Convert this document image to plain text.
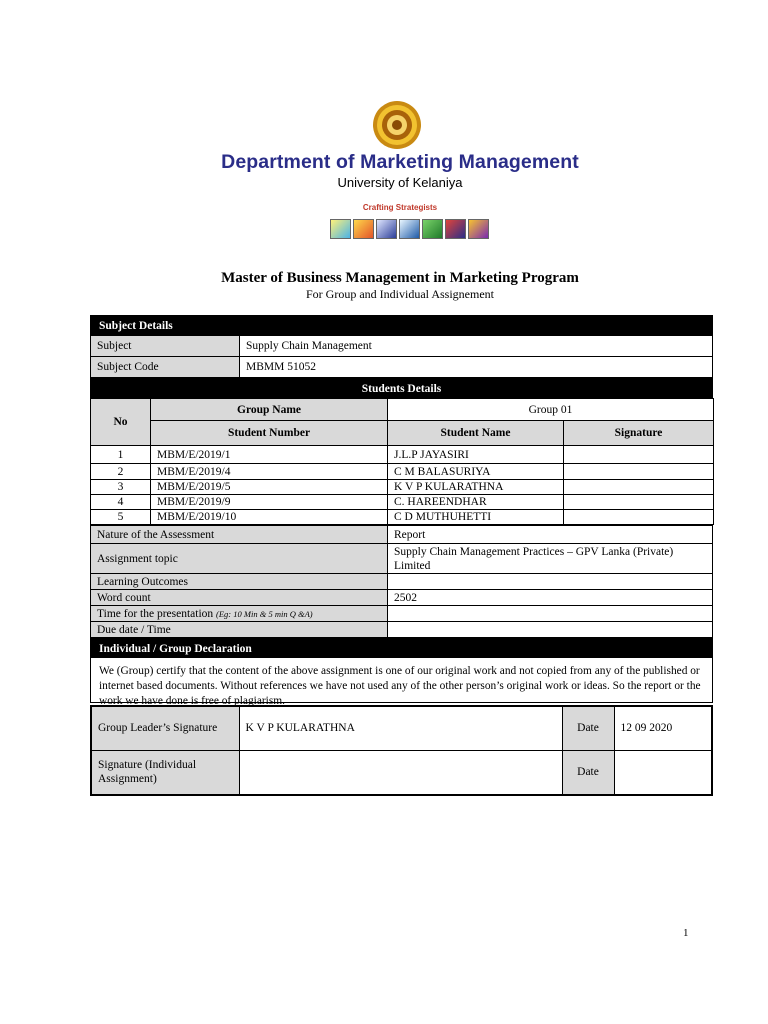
Department of Marketing Management
University of Kelaniya
Crafting Strategists
Master of Business Management in Marketing Program
For Group and Individual Assignement
Subject Details
Subject	Supply Chain Management
Subject Code	MBMM 51052
Students Details
No	Group Name	Group 01	
	Student Number	Student Name	Signature
1	MBM/E/2019/1	J.L.P JAYASIRI	
2	MBM/E/2019/4	C M BALASURIYA	
3	MBM/E/2019/5	K V P KULARATHNA	
4	MBM/E/2019/9	C. HAREENDHAR	
5	MBM/E/2019/10	C D MUTHUHETTI	
Nature of the Assessment	Report
Assignment topic	Supply Chain Management Practices – GPV Lanka (Private) Limited
Learning Outcomes	
Word count	2502
Time for the presentation (Eg: 10 Min & 5 min Q &A)	
Due date / Time	
Individual / Group Declaration
We (Group) certify that the content of the above assignment is one of our original work and not copied from any of the published or internet based documents. Without references we have not used any of the other person’s original work or ideas. So the report or the work we have done is free of plagiarism.
Group Leader’s Signature	K V P KULARATHNA	Date	12 09 2020
Signature (Individual Assignment)		Date	
1
